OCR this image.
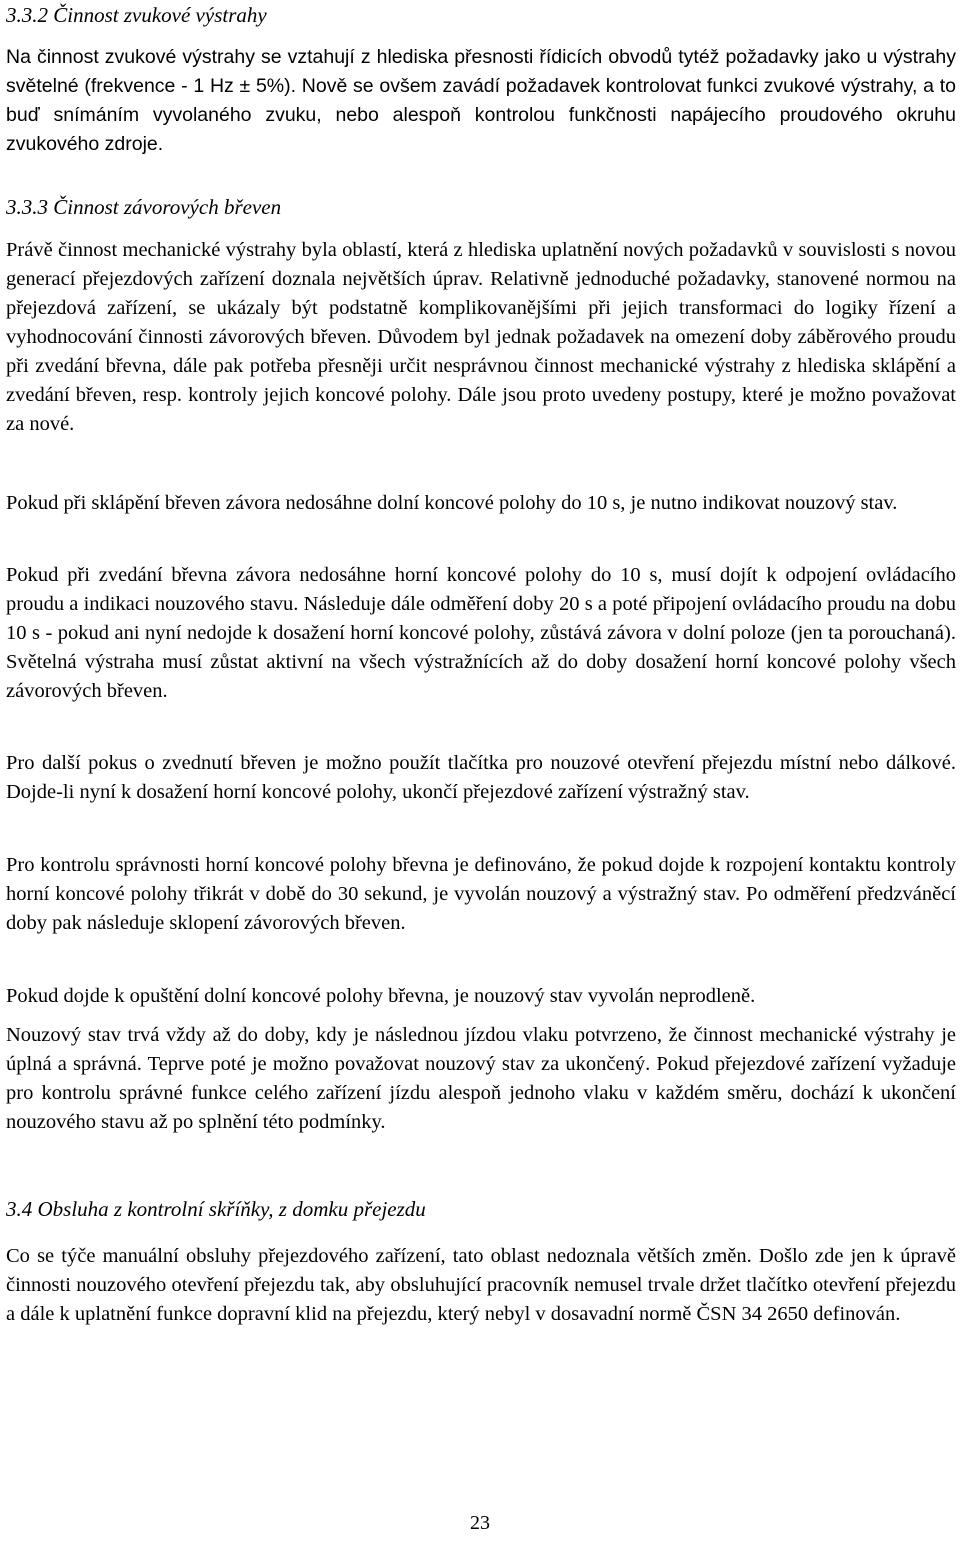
3.3.2 Činnost zvukové výstrahy

Na činnost zvukové výstrahy se vztahují z hlediska přesnosti řídicích obvodů tytéž požadavky jako u výstrahy světelné (frekvence - 1 Hz ± 5%). Nově se ovšem zavádí požadavek kontrolovat funkci zvukové výstrahy, a to buď snímáním vyvolaného zvuku, nebo alespoň kontrolou funkčnosti napájecího proudového okruhu zvukového zdroje.

3.3.3 Činnost závorových břeven

Právě činnost mechanické výstrahy byla oblastí, která z hlediska uplatnění nových požadavků v souvislosti s novou generací přejezdových zařízení doznala největších úprav. Relativně jednoduché požadavky, stanovené normou na přejezdová zařízení, se ukázaly být podstatně komplikovanějšími při jejich transformaci do logiky řízení a vyhodnocování činnosti závorových břeven. Důvodem byl jednak požadavek na omezení doby záběrového proudu při zvedání břevna, dále pak potřeba přesněji určit nesprávnou činnost mechanické výstrahy z hlediska sklápění a zvedání břeven, resp. kontroly jejich koncové polohy. Dále jsou proto uvedeny postupy, které je možno považovat za nové.

Pokud při sklápění břeven závora nedosáhne dolní koncové polohy do 10 s, je nutno indikovat nouzový stav.

Pokud při zvedání břevna závora nedosáhne horní koncové polohy do 10 s, musí dojít k odpojení ovládacího proudu a indikaci nouzového stavu. Následuje dále odměření doby 20 s a poté připojení ovládacího proudu na dobu 10 s - pokud ani nyní nedojde k dosažení horní koncové polohy, zůstává závora v dolní poloze (jen ta porouchaná). Světelná výstraha musí zůstat aktivní na všech výstražnících až do doby dosažení horní koncové polohy všech závorových břeven.

Pro další pokus o zvednutí břeven je možno použít tlačítka pro nouzové otevření přejezdu místní nebo dálkové. Dojde-li nyní k dosažení horní koncové polohy, ukončí přejezdové zařízení výstražný stav.

Pro kontrolu správnosti horní koncové polohy břevna je definováno, že pokud dojde k rozpojení kontaktu kontroly horní koncové polohy třikrát v době do 30 sekund, je vyvolán nouzový a výstražný stav. Po odměření předzváněcí doby pak následuje sklopení závorových břeven.

Pokud dojde k opuštění dolní koncové polohy břevna, je nouzový stav vyvolán neprodleně.

Nouzový stav trvá vždy až do doby, kdy je následnou jízdou vlaku potvrzeno, že činnost mechanické výstrahy je úplná a správná. Teprve poté je možno považovat nouzový stav za ukončený. Pokud přejezdové zařízení vyžaduje pro kontrolu správné funkce celého zařízení jízdu alespoň jednoho vlaku v každém směru, dochází k ukončení nouzového stavu až po splnění této podmínky.

3.4 Obsluha z kontrolní skříňky, z domku přejezdu

Co se týče manuální obsluhy přejezdového zařízení, tato oblast nedoznala větších změn. Došlo zde jen k úpravě činnosti nouzového otevření přejezdu tak, aby obsluhující pracovník nemusel trvale držet tlačítko otevření přejezdu a dále k uplatnění funkce dopravní klid na přejezdu, který nebyl v dosavadní normě ČSN 34 2650 definován.

23
